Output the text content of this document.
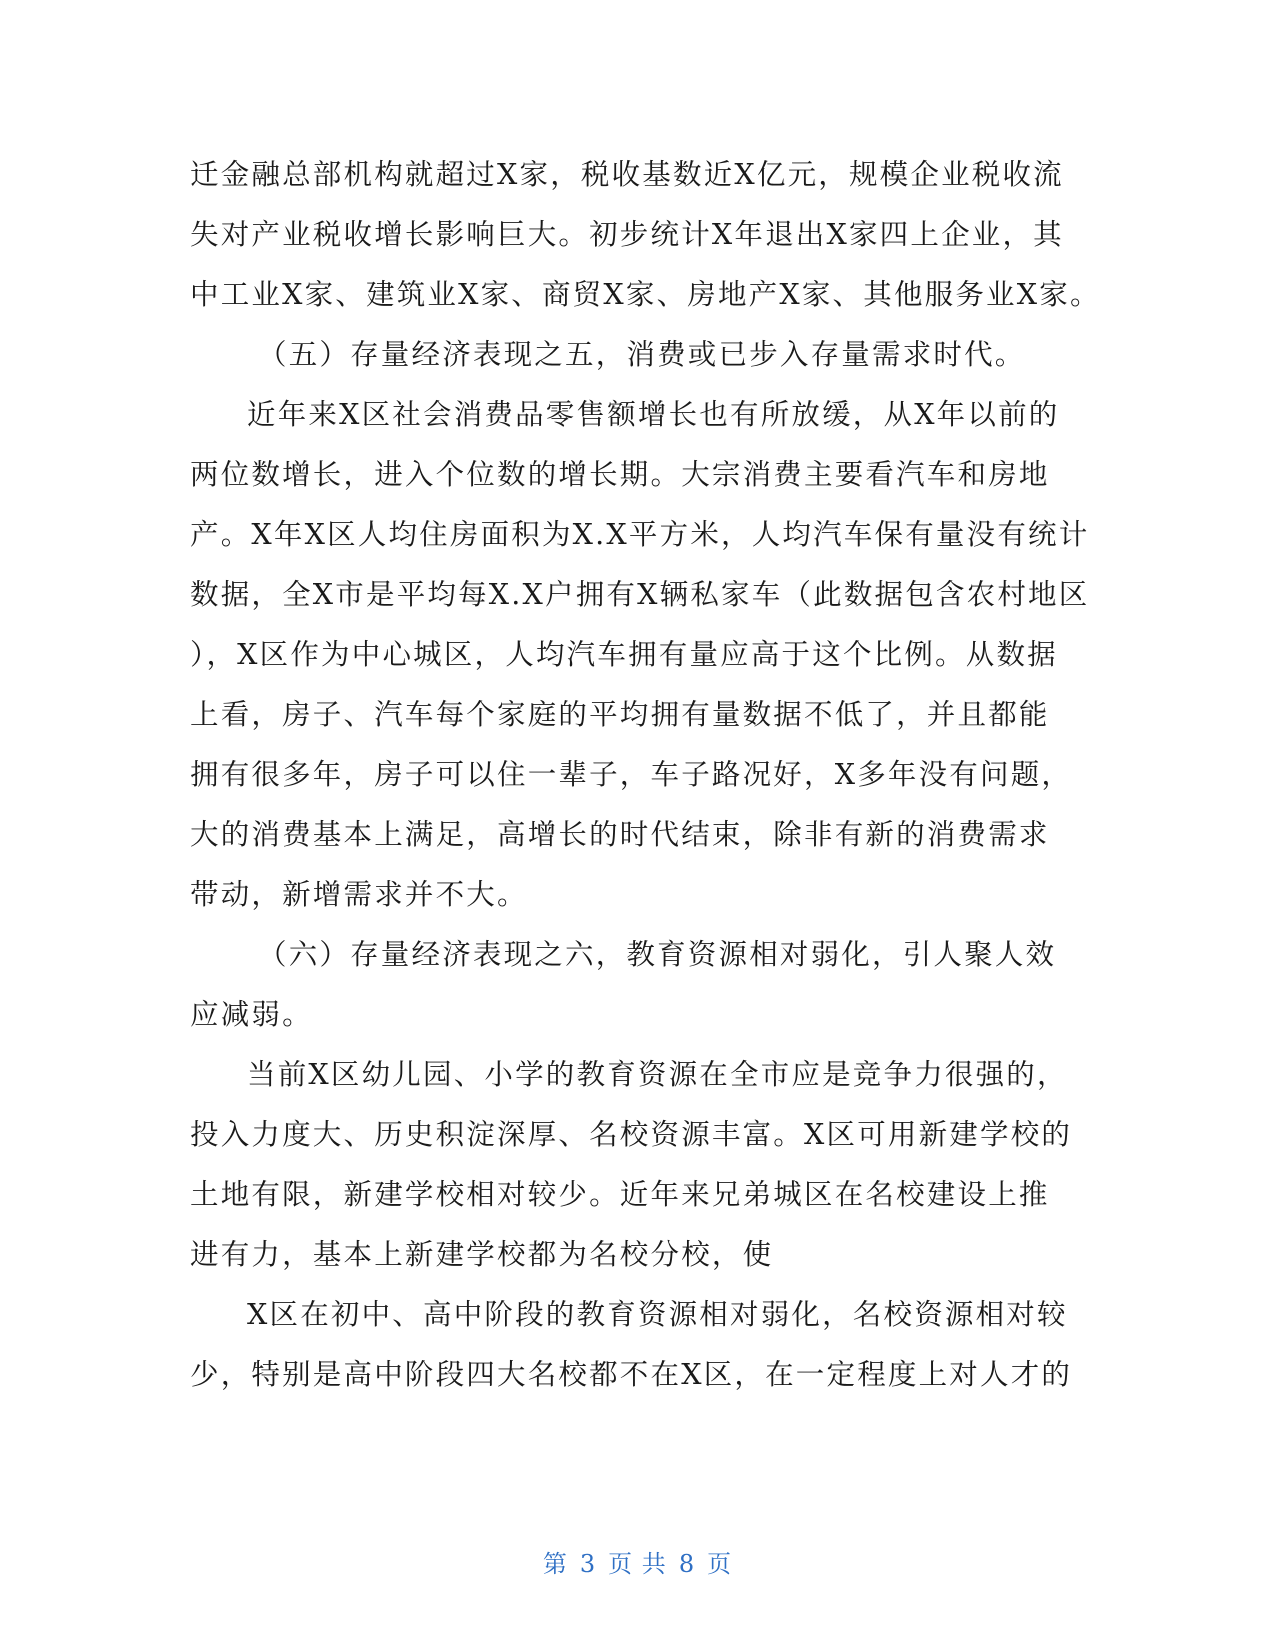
迁金融总部机构就超过X家，税收基数近X亿元，规模企业税收流
失对产业税收增长影响巨大。初步统计X年退出X家四上企业，其
中工业X家、建筑业X家、商贸X家、房地产X家、其他服务业X家。
（五）存量经济表现之五，消费或已步入存量需求时代。
近年来X区社会消费品零售额增长也有所放缓，从X年以前的
两位数增长，进入个位数的增长期。大宗消费主要看汽车和房地
产。X年X区人均住房面积为X.X平方米，人均汽车保有量没有统计
数据，全X市是平均每X.X户拥有X辆私家车（此数据包含农村地区
），X区作为中心城区，人均汽车拥有量应高于这个比例。从数据
上看，房子、汽车每个家庭的平均拥有量数据不低了，并且都能
拥有很多年，房子可以住一辈子，车子路况好，X多年没有问题，
大的消费基本上满足，高增长的时代结束，除非有新的消费需求
带动，新增需求并不大。
（六）存量经济表现之六，教育资源相对弱化，引人聚人效
应减弱。
当前X区幼儿园、小学的教育资源在全市应是竞争力很强的，
投入力度大、历史积淀深厚、名校资源丰富。X区可用新建学校的
土地有限，新建学校相对较少。近年来兄弟城区在名校建设上推
进有力，基本上新建学校都为名校分校，使
X区在初中、高中阶段的教育资源相对弱化，名校资源相对较
少，特别是高中阶段四大名校都不在X区，在一定程度上对人才的
第 3 页 共 8 页
